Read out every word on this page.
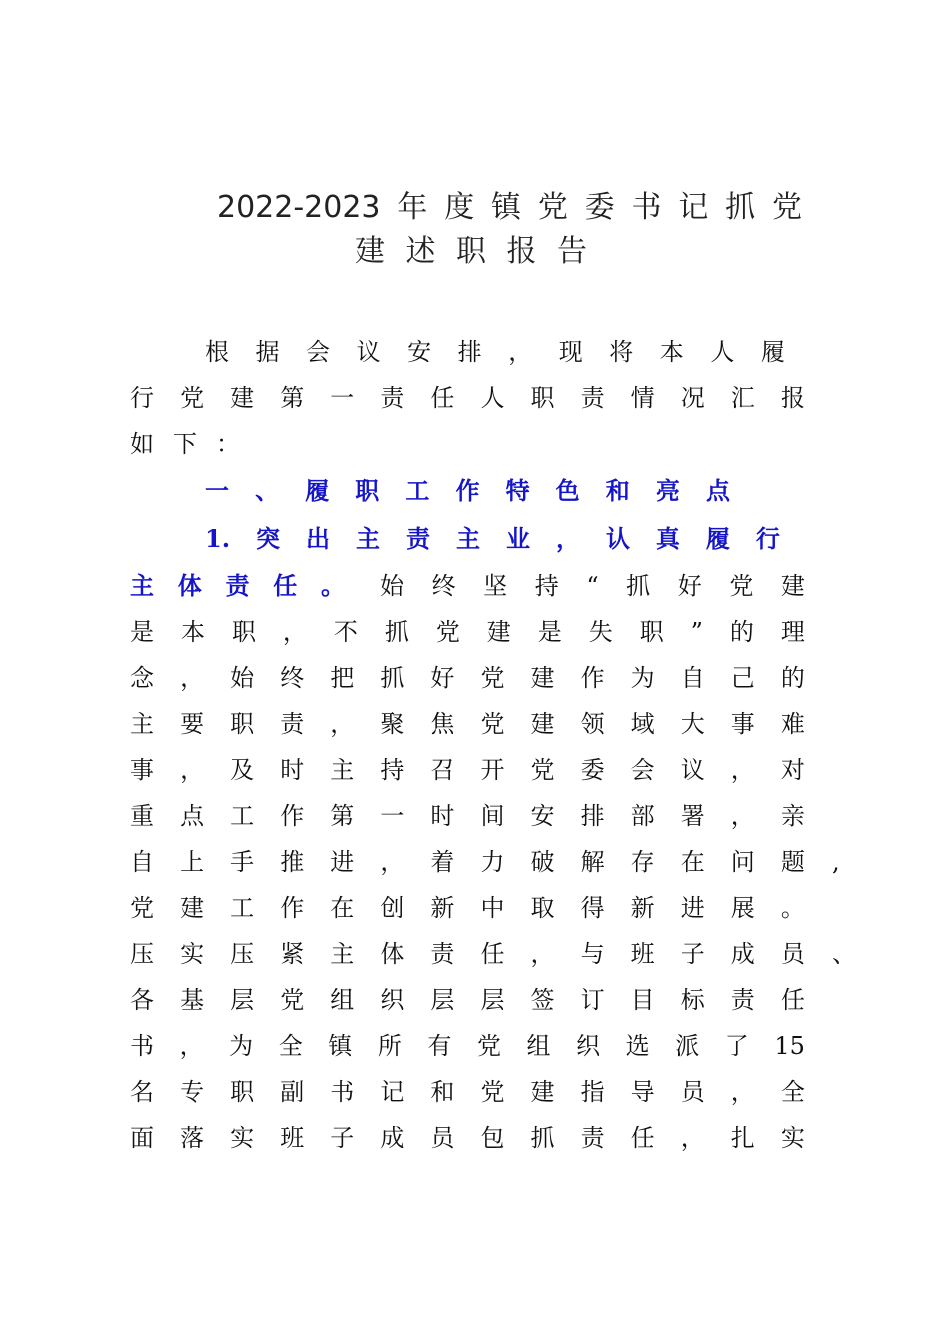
2022-2023 年 度 镇 党 委 书 记 抓 党
建 述 职 报 告
根 据 会 议 安 排 ， 现 将 本 人 履
行 党 建 第 一 责 任 人 职 责 情 况 汇 报
如 下 ：
一 、 履 职 工 作 特 色 和 亮 点
1. 突 出 主 责 主 业 ， 认 真 履 行
主 体 责 任 。 始 终 坚 持 “ 抓 好 党 建
是 本 职 ， 不 抓 党 建 是 失 职 ” 的 理
念 ， 始 终 把 抓 好 党 建 作 为 自 己 的
主 要 职 责 ， 聚 焦 党 建 领 域 大 事 难
事 ， 及 时 主 持 召 开 党 委 会 议 ， 对
重 点 工 作 第 一 时 间 安 排 部 署 ， 亲
自 上 手 推 进 ， 着 力 破 解 存 在 问 题 ,
党 建 工 作 在 创 新 中 取 得 新 进 展 。
压 实 压 紧 主 体 责 任 ， 与 班 子 成 员 、
各 基 层 党 组 织 层 层 签 订 目 标 责 任
书 ， 为 全 镇 所 有 党 组 织 选 派 了 15
名 专 职 副 书 记 和 党 建 指 导 员 ， 全
面 落 实 班 子 成 员 包 抓 责 任 ， 扎 实
